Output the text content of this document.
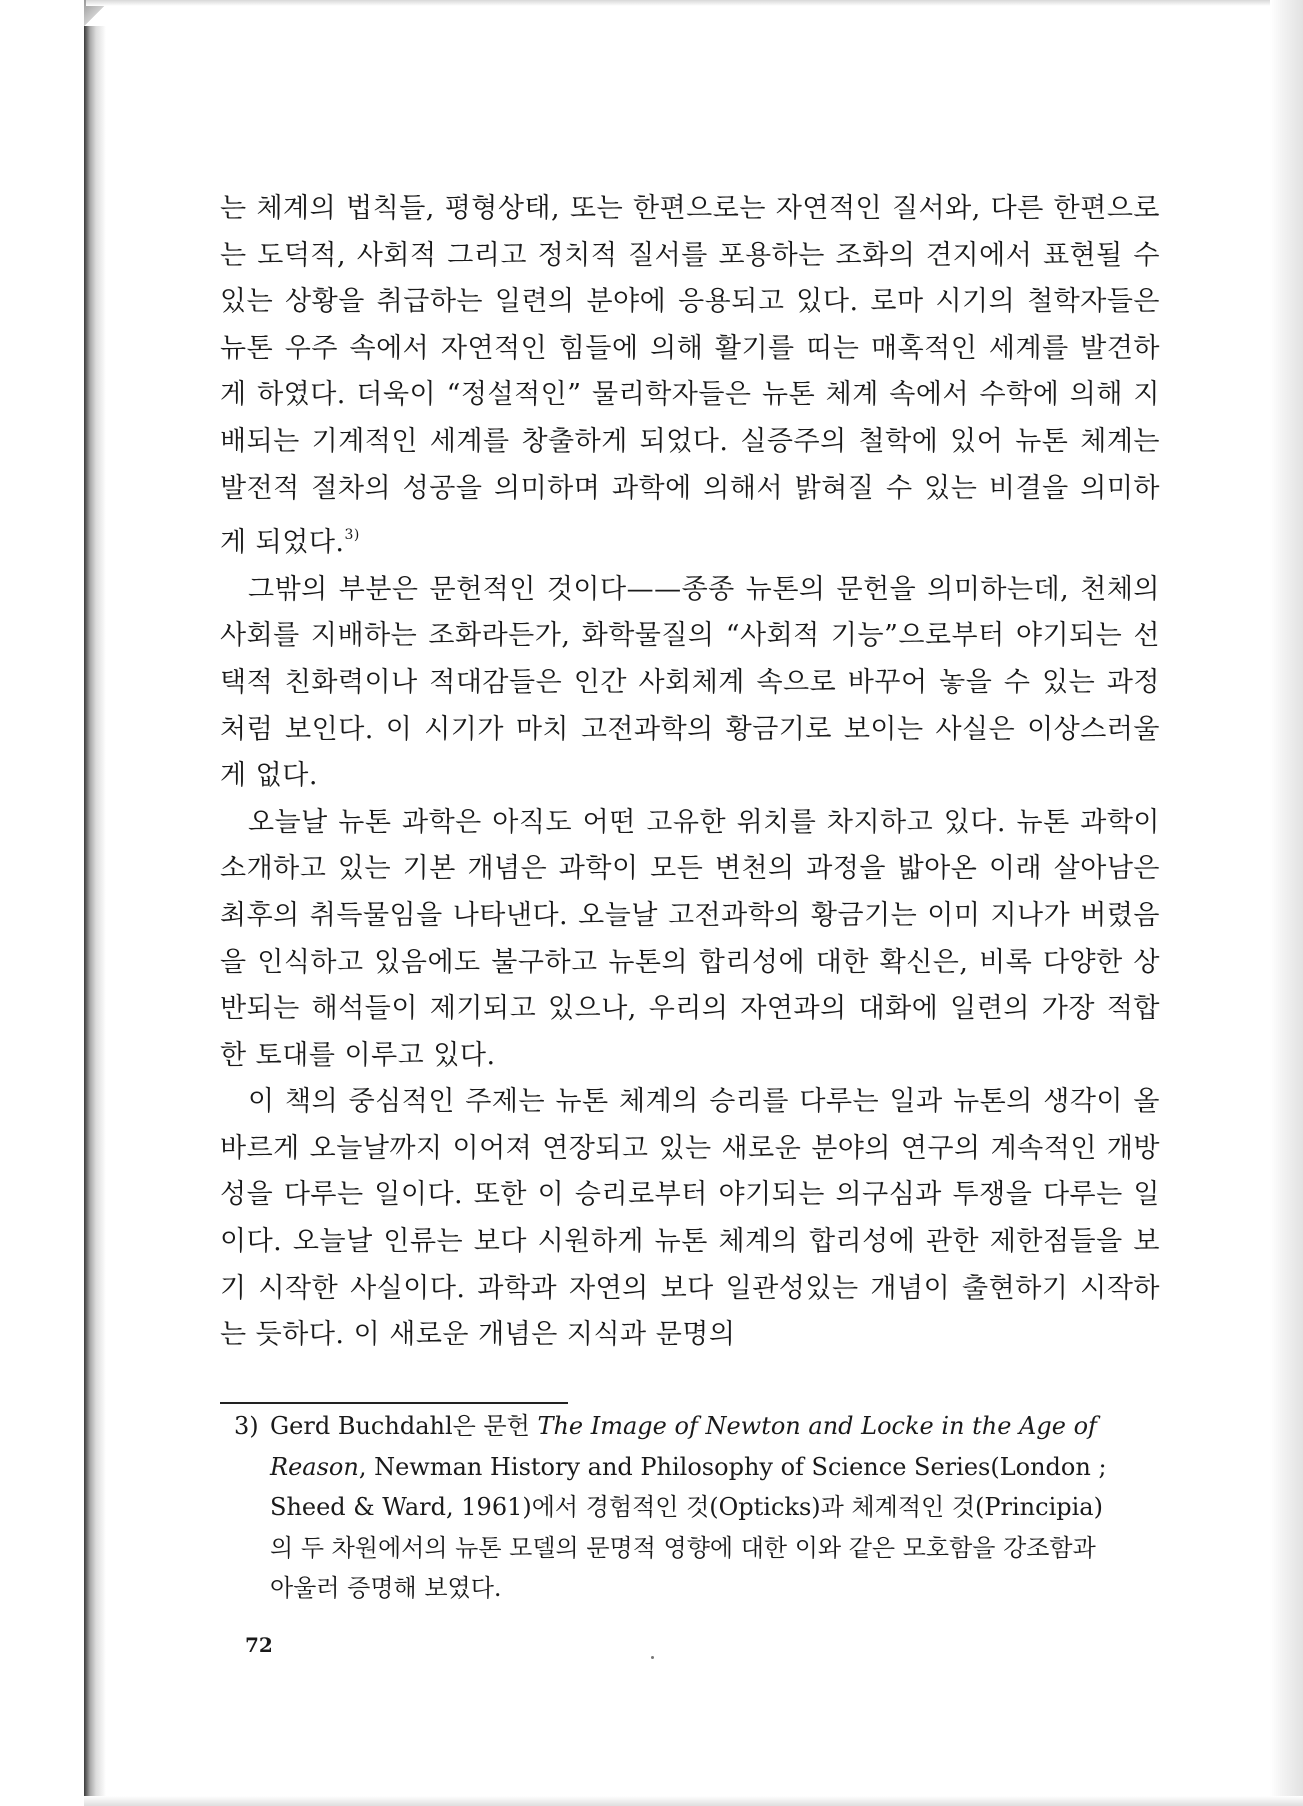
는 체계의 법칙들, 평형상태, 또는 한편으로는 자연적인 질서와, 다른 한편으로는 도덕적, 사회적 그리고 정치적 질서를 포용하는 조화의 견지에서 표현될 수 있는 상황을 취급하는 일련의 분야에 응용되고 있다. 로마 시기의 철학자들은 뉴톤 우주 속에서 자연적인 힘들에 의해 활기를 띠는 매혹적인 세계를 발견하게 하였다. 더욱이 “정설적인” 물리학자들은 뉴톤 체계 속에서 수학에 의해 지배되는 기계적인 세계를 창출하게 되었다. 실증주의 철학에 있어 뉴톤 체계는 발전적 절차의 성공을 의미하며 과학에 의해서 밝혀질 수 있는 비결을 의미하게 되었다.$^{3)}$

그밖의 부분은 문헌적인 것이다——종종 뉴톤의 문헌을 의미하는데, 천체의 사회를 지배하는 조화라든가, 화학물질의 “사회적 기능”으로부터 야기되는 선택적 친화력이나 적대감들은 인간 사회체계 속으로 바꾸어 놓을 수 있는 과정처럼 보인다. 이 시기가 마치 고전과학의 황금기로 보이는 사실은 이상스러울 게 없다.

오늘날 뉴톤 과학은 아직도 어떤 고유한 위치를 차지하고 있다. 뉴톤 과학이 소개하고 있는 기본 개념은 과학이 모든 변천의 과정을 밟아온 이래 살아남은 최후의 취득물임을 나타낸다. 오늘날 고전과학의 황금기는 이미 지나가 버렸음을 인식하고 있음에도 불구하고 뉴톤의 합리성에 대한 확신은, 비록 다양한 상반되는 해석들이 제기되고 있으나, 우리의 자연과의 대화에 일련의 가장 적합한 토대를 이루고 있다.

이 책의 중심적인 주제는 뉴톤 체계의 승리를 다루는 일과 뉴톤의 생각이 올바르게 오늘날까지 이어져 연장되고 있는 새로운 분야의 연구의 계속적인 개방성을 다루는 일이다. 또한 이 승리로부터 야기되는 의구심과 투쟁을 다루는 일이다. 오늘날 인류는 보다 시원하게 뉴톤 체계의 합리성에 관한 제한점들을 보기 시작한 사실이다. 과학과 자연의 보다 일관성있는 개념이 출현하기 시작하는 듯하다. 이 새로운 개념은 지식과 문명의

3) Gerd Buchdahl은 문헌 The Image of Newton and Locke in the Age of
Reason, Newman History and Philosophy of Science Series(London ;
Sheed & Ward, 1961)에서 경험적인 것(Opticks)과 체계적인 것(Principia)
의 두 차원에서의 뉴톤 모델의 문명적 영향에 대한 이와 같은 모호함을 강조함과
아울러 증명해 보였다.
72
